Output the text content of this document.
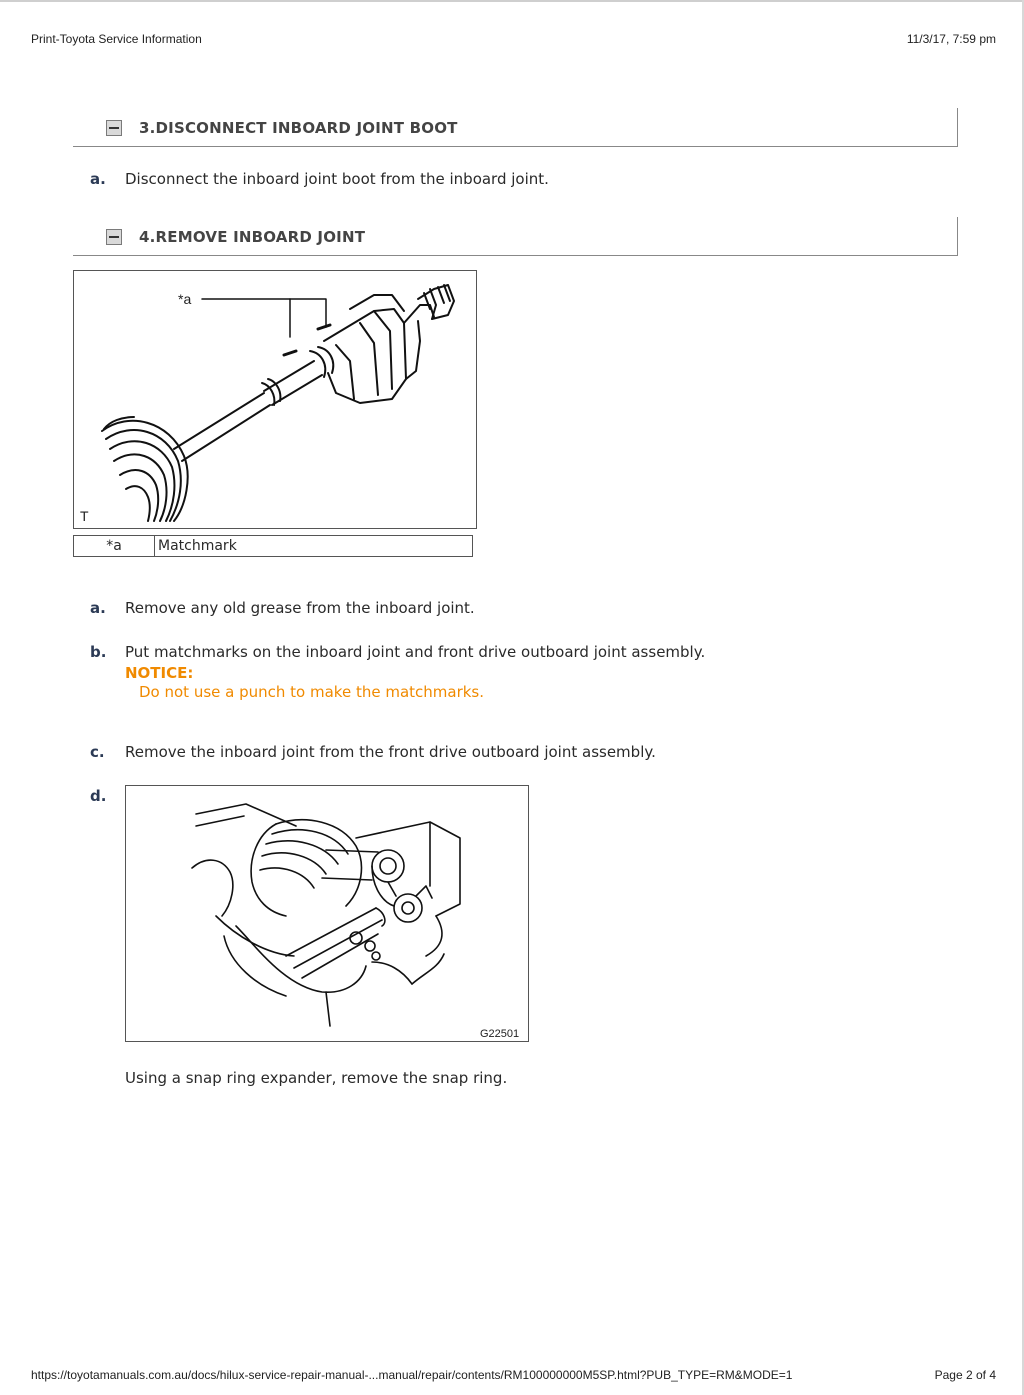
Print-Toyota Service Information	11/3/17, 7:59 pm
3.DISCONNECT INBOARD JOINT BOOT
a.	Disconnect the inboard joint boot from the inboard joint.
4.REMOVE INBOARD JOINT
*a
T
*a	Matchmark
a.	Remove any old grease from the inboard joint.
b.	Put matchmarks on the inboard joint and front drive outboard joint assembly.
NOTICE:
Do not use a punch to make the matchmarks.
c.	Remove the inboard joint from the front drive outboard joint assembly.
d.
G22501
Using a snap ring expander, remove the snap ring.
https://toyotamanuals.com.au/docs/hilux-service-repair-manual-...manual/repair/contents/RM100000000M5SP.html?PUB_TYPE=RM&MODE=1	Page 2 of 4
